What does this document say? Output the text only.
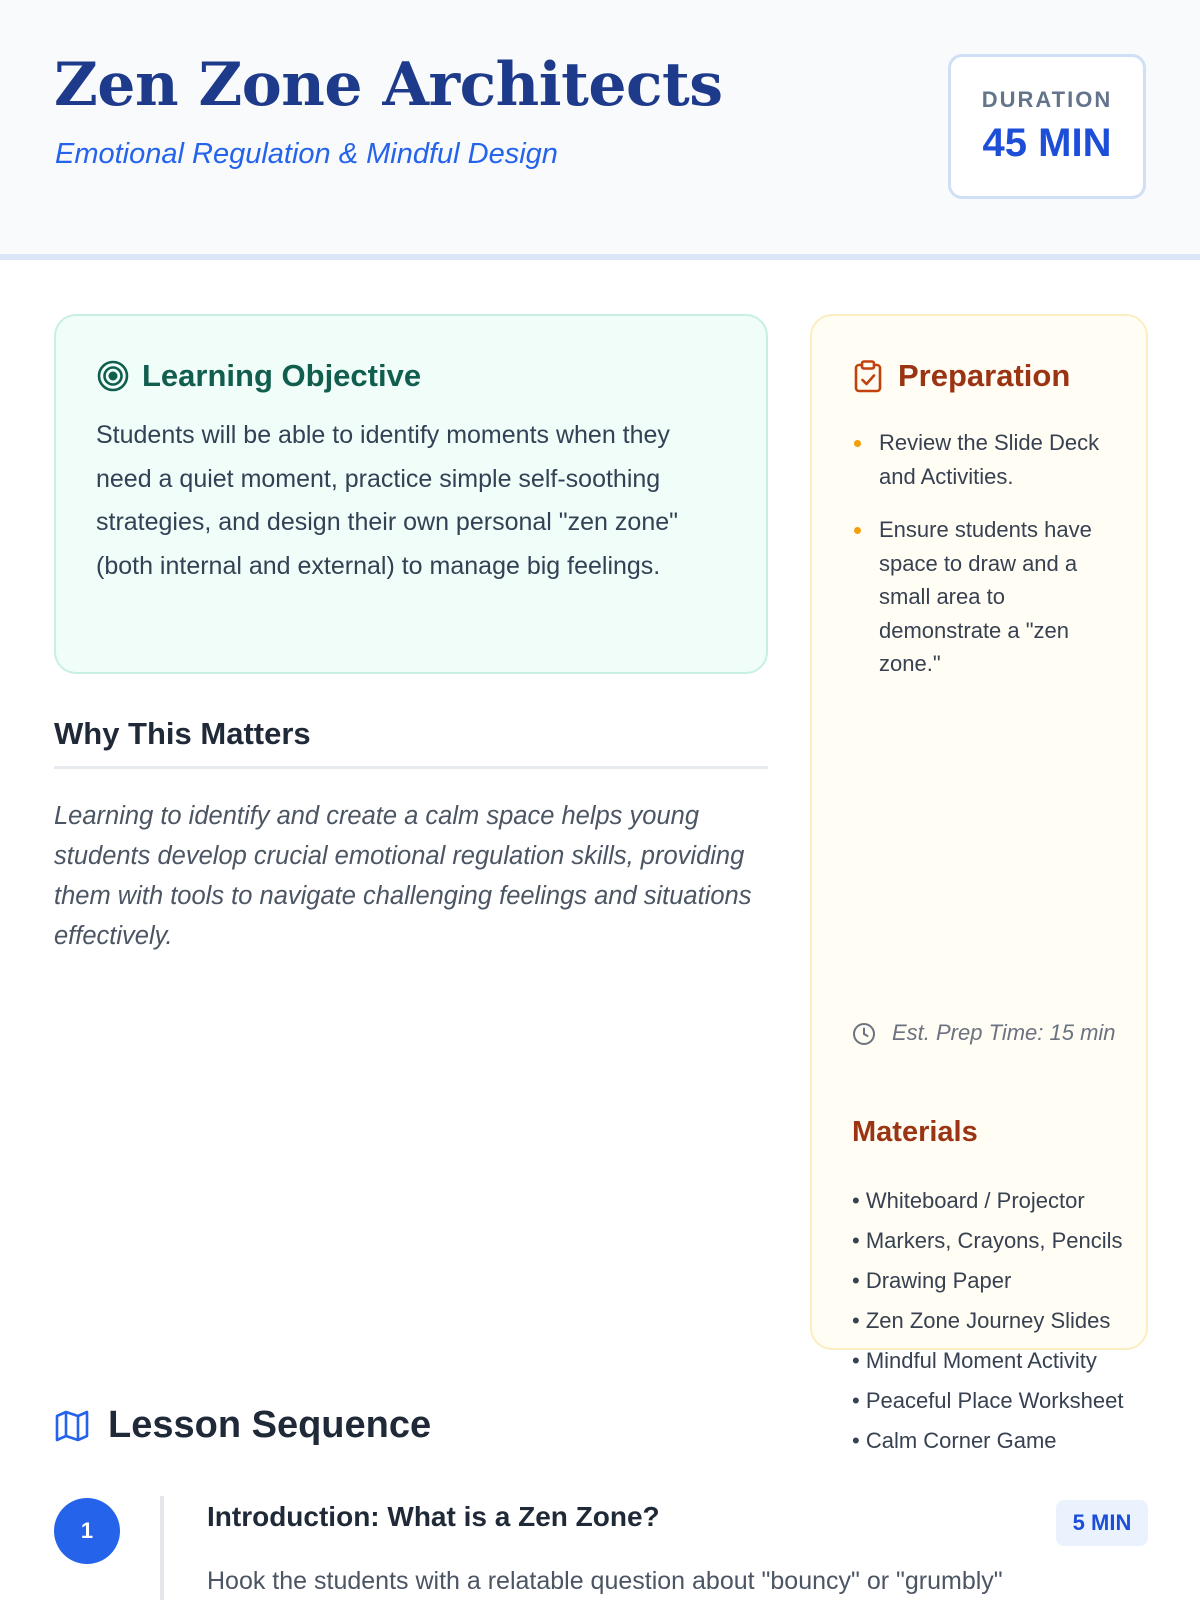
Zen Zone Architects
Emotional Regulation & Mindful Design
DURATION
45 MIN
Learning Objective

Students will be able to identify moments when they need a quiet moment, practice simple self-soothing strategies, and design their own personal "zen zone" (both internal and external) to manage big feelings.

Why This Matters

Learning to identify and create a calm space helps young students develop crucial emotional regulation skills, providing them with tools to navigate challenging feelings and situations effectively.

Preparation
Review the Slide Deck and Activities.
Ensure students have space to draw and a small area to demonstrate a "zen zone."
Est. Prep Time: 15 min
Materials
• Whiteboard / Projector
• Markers, Crayons, Pencils
• Drawing Paper
• Zen Zone Journey Slides
• Mindful Moment Activity
• Peaceful Place Worksheet
• Calm Corner Game
Lesson Sequence
1	Introduction: What is a Zen Zone?	5 MIN

Hook the students with a relatable question about "bouncy" or "grumbly"
